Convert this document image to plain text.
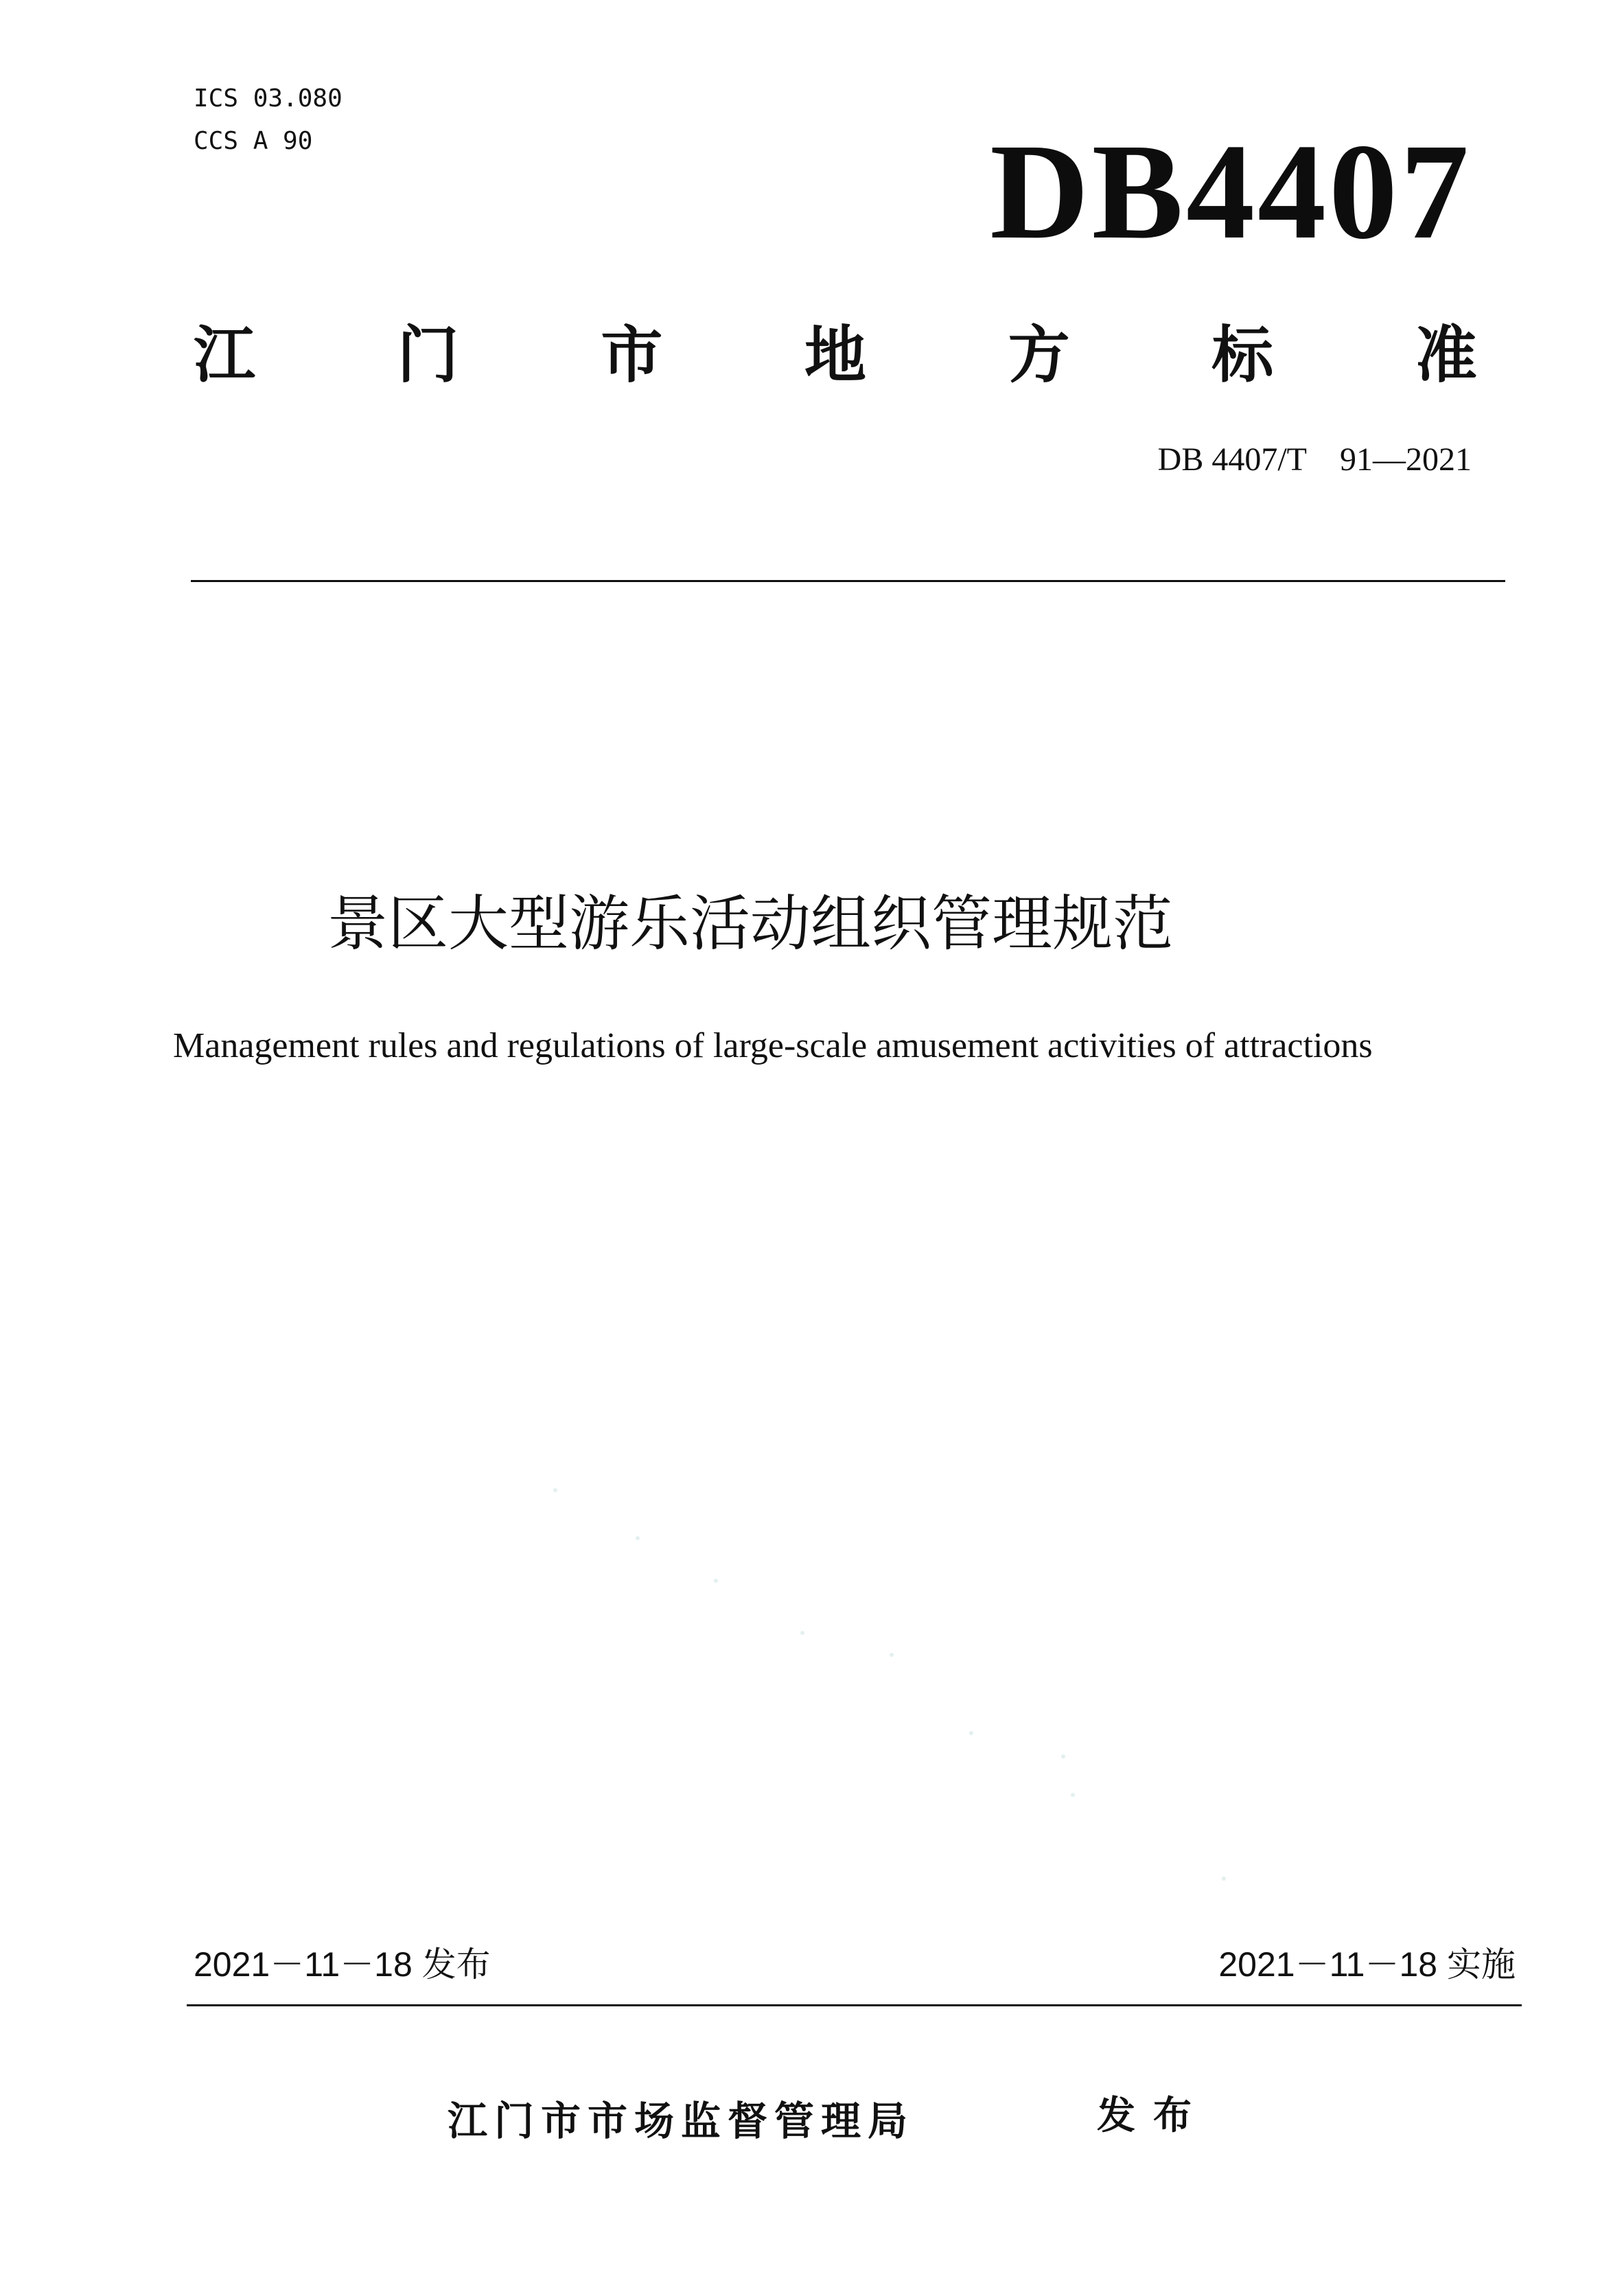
ICS 03.080
CCS A 90	DB4407
江 门 市 地 方 标 准
DB 4407/T    91—2021
景区大型游乐活动组织管理规范
Management rules and regulations of large-scale amusement activities of attractions
2021－11－18 发布	2021－11－18 实施
江门市市场监督管理局	发布
